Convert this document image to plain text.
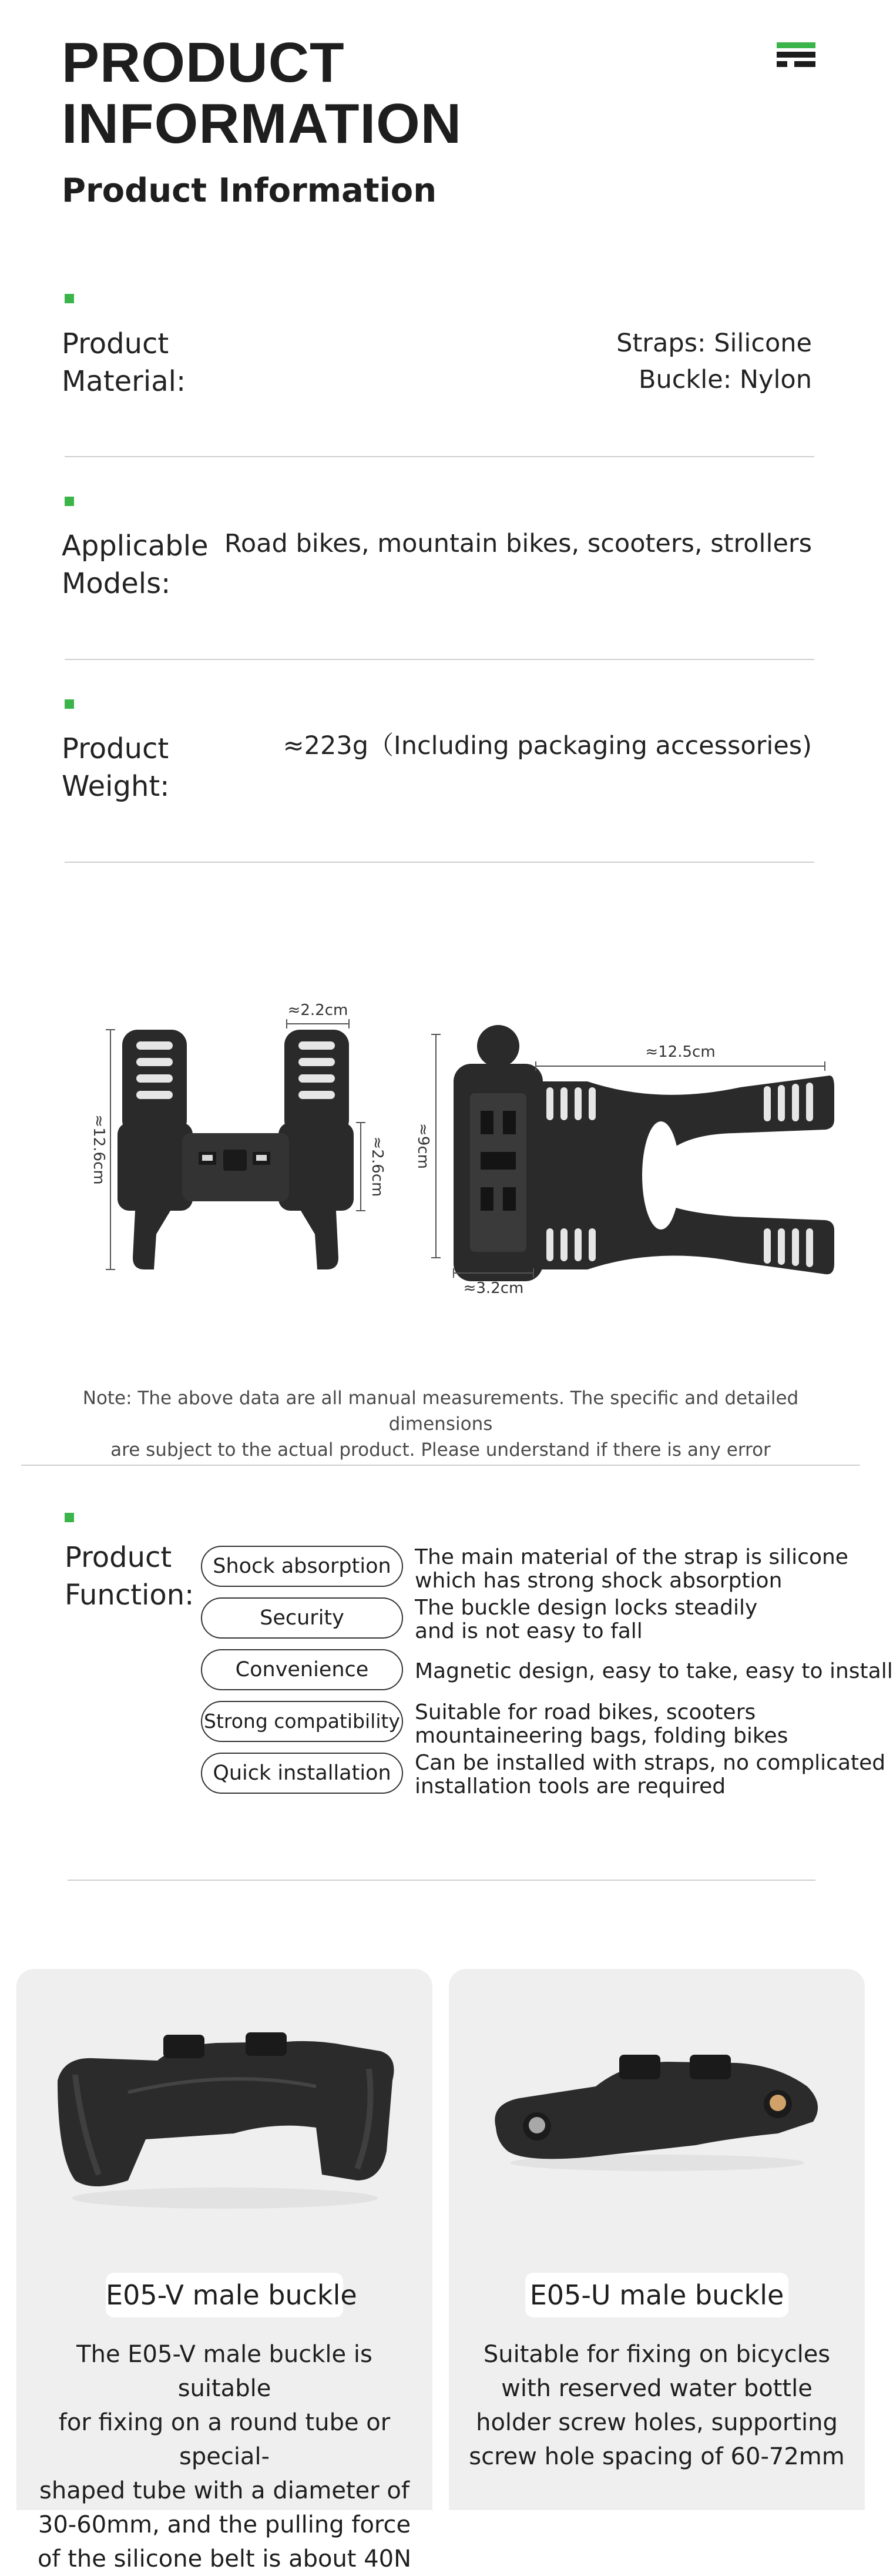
PRODUCT
INFORMATION
Product Information
Product
Material:
Straps: Silicone
Buckle: Nylon
Applicable
Models:
Road bikes, mountain bikes, scooters, strollers
Product
Weight:
≈223g（Including packaging accessories)
≈2.2cm
≈12.6cm	≈2.6cm
≈12.5cm
≈9cm
≈3.2cm
Note: The above data are all manual measurements. The specific and detailed dimensions
are subject to the actual product. Please understand if there is any error
Product
Function:
Shock absorption	The main material of the strap is silicone
which has strong shock absorption
Security	The buckle design locks steadily
and is not easy to fall
Convenience	Magnetic design, easy to take, easy to install
Strong compatibility Suitable for road bikes, scooters
mountaineering bags, folding bikes
Quick installation	Can be installed with straps, no complicated
installation tools are required
E05-V male buckle
The E05-V male buckle is suitable
for fixing on a round tube or special-
shaped tube with a diameter of
30-60mm, and the pulling force
of the silicone belt is about 40N
E05-U male buckle
Suitable for fixing on bicycles
with reserved water bottle
holder screw holes, supporting
screw hole spacing of 60-72mm
